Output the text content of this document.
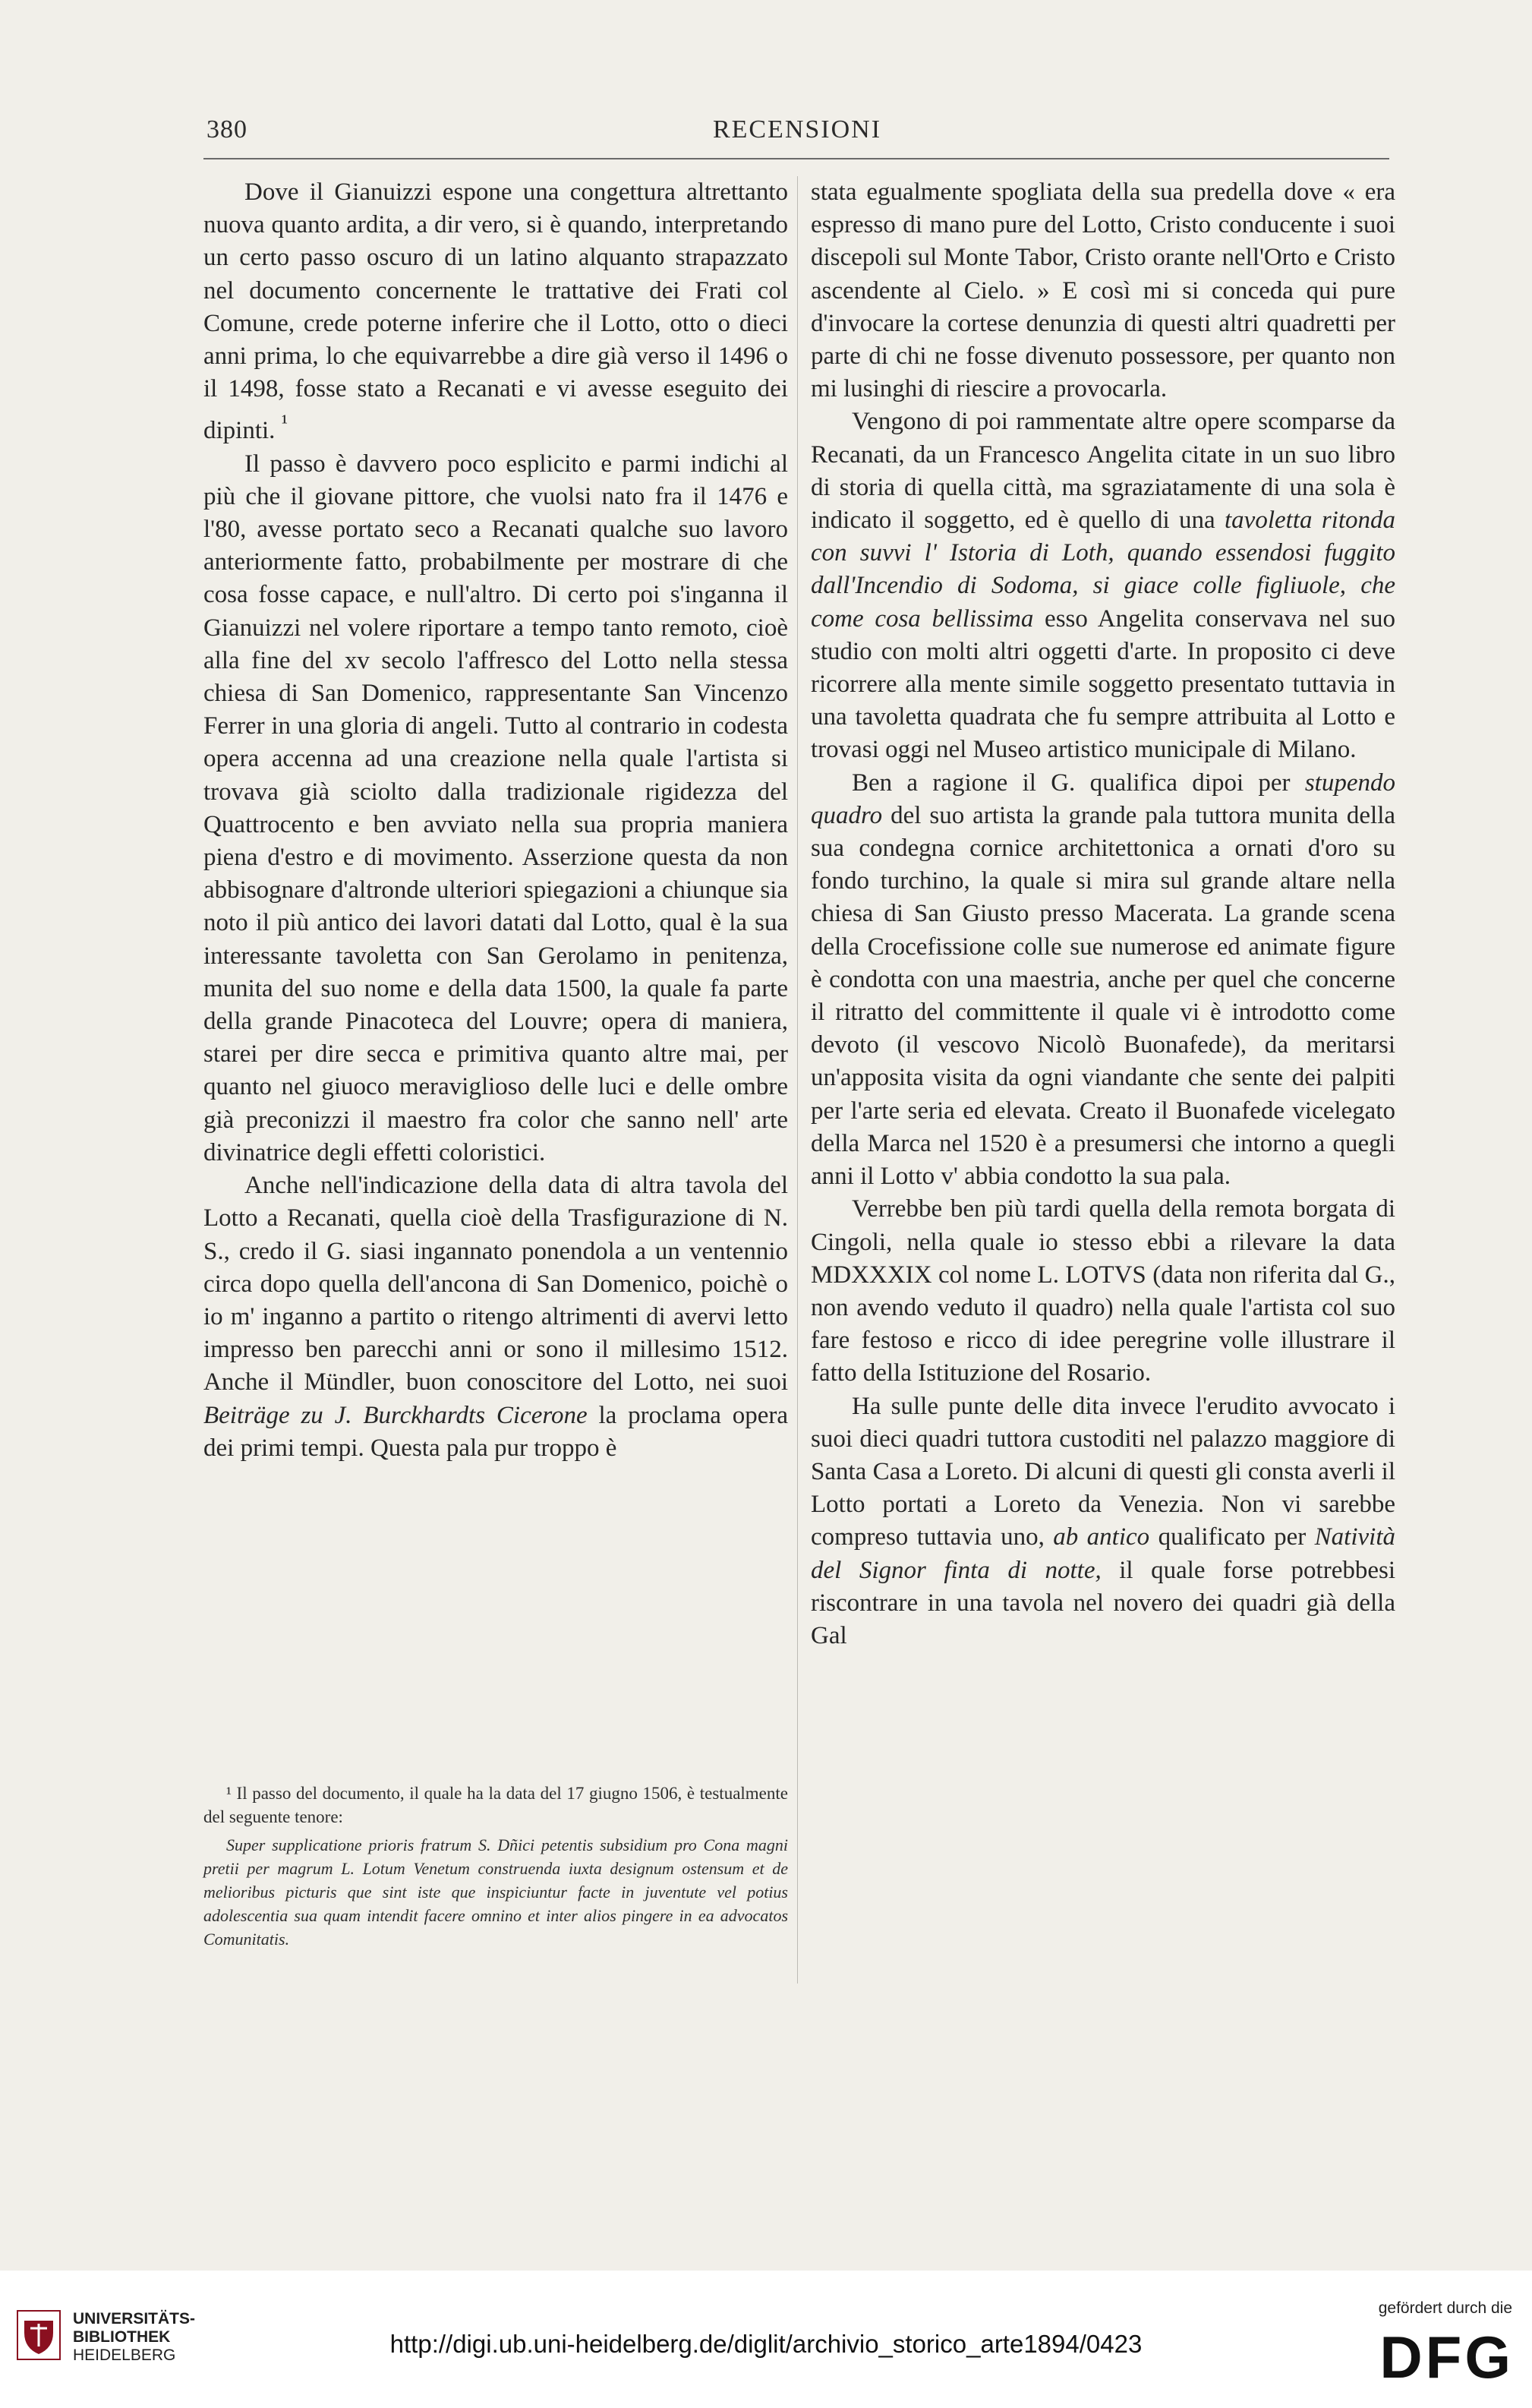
380	RECENSIONI

Dove il Gianuizzi espone una congettura altrettanto nuova quanto ardita, a dir vero, si è quando, interpretando un certo passo oscuro di un latino alquanto strapazzato nel documento concernente le trattative dei Frati col Comune, crede poterne inferire che il Lotto, otto o dieci anni prima, lo che equivarrebbe a dire già verso il 1496 o il 1498, fosse stato a Recanati e vi avesse eseguito dei dipinti. $^{^1}$

Il passo è davvero poco esplicito e parmi indichi al più che il giovane pittore, che vuolsi nato fra il 1476 e l'80, avesse portato seco a Recanati qualche suo lavoro anteriormente fatto, probabilmente per mostrare di che cosa fosse capace, e null'altro. Di certo poi s'inganna il Gianuizzi nel volere riportare a tempo tanto remoto, cioè alla fine del xv secolo l'affresco del Lotto nella stessa chiesa di San Domenico, rappresentante San Vincenzo Ferrer in una gloria di angeli. Tutto al contrario in codesta opera accenna ad una creazione nella quale l'artista si trovava già sciolto dalla tradizionale rigidezza del Quattrocento e ben avviato nella sua propria maniera piena d'estro e di movimento. Asserzione questa da non abbisognare d'altronde ulteriori spiegazioni a chiunque sia noto il più antico dei lavori datati dal Lotto, qual è la sua interessante tavoletta con San Gerolamo in penitenza, munita del suo nome e della data 1500, la quale fa parte della grande Pinacoteca del Louvre; opera di maniera, starei per dire secca e primitiva quanto altre mai, per quanto nel giuoco meraviglioso delle luci e delle ombre già preconizzi il maestro fra color che sanno nell' arte divinatrice degli effetti coloristici.

Anche nell'indicazione della data di altra tavola del Lotto a Recanati, quella cioè della Trasfigurazione di N. S., credo il G. siasi ingannato ponendola a un ventennio circa dopo quella dell'ancona di San Domenico, poichè o io m' inganno a partito o ritengo altrimenti di avervi letto impresso ben parecchi anni or sono il millesimo 1512. Anche il Mündler, buon conoscitore del Lotto, nei suoi Beiträge zu J. Burckhardts Cicerone la proclama opera dei primi tempi. Questa pala pur troppo è

¹ Il passo del documento, il quale ha la data del 17 giugno 1506, è testualmente del seguente tenore:

Super supplicatione prioris fratrum S. Dñici petentis subsidium pro Cona magni pretii per magrum L. Lotum Venetum construenda iuxta designum ostensum et de melioribus picturis que sint iste que inspiciuntur facte in juventute vel potius adolescentia sua quam intendit facere omnino et inter alios pingere in ea advocatos Comunitatis.

stata egualmente spogliata della sua predella dove « era espresso di mano pure del Lotto, Cristo conducente i suoi discepoli sul Monte Tabor, Cristo orante nell'Orto e Cristo ascendente al Cielo. » E così mi si conceda qui pure d'invocare la cortese denunzia di questi altri quadretti per parte di chi ne fosse divenuto possessore, per quanto non mi lusinghi di riescire a provocarla.

Vengono di poi rammentate altre opere scomparse da Recanati, da un Francesco Angelita citate in un suo libro di storia di quella città, ma sgraziatamente di una sola è indicato il soggetto, ed è quello di una tavoletta ritonda con suvvi l' Istoria di Loth, quando essendosi fuggito dall'Incendio di Sodoma, si giace colle figliuole, che come cosa bellissima esso Angelita conservava nel suo studio con molti altri oggetti d'arte. In proposito ci deve ricorrere alla mente simile soggetto presentato tuttavia in una tavoletta quadrata che fu sempre attribuita al Lotto e trovasi oggi nel Museo artistico municipale di Milano.

Ben a ragione il G. qualifica dipoi per stupendo quadro del suo artista la grande pala tuttora munita della sua condegna cornice architettonica a ornati d'oro su fondo turchino, la quale si mira sul grande altare nella chiesa di San Giusto presso Macerata. La grande scena della Crocefissione colle sue numerose ed animate figure è condotta con una maestria, anche per quel che concerne il ritratto del committente il quale vi è introdotto come devoto (il vescovo Nicolò Buonafede), da meritarsi un'apposita visita da ogni viandante che sente dei palpiti per l'arte seria ed elevata. Creato il Buonafede vicelegato della Marca nel 1520 è a presumersi che intorno a quegli anni il Lotto v' abbia condotto la sua pala.

Verrebbe ben più tardi quella della remota borgata di Cingoli, nella quale io stesso ebbi a rilevare la data MDXXXIX col nome L. LOTVS (data non riferita dal G., non avendo veduto il quadro) nella quale l'artista col suo fare festoso e ricco di idee peregrine volle illustrare il fatto della Istituzione del Rosario.

Ha sulle punte delle dita invece l'erudito avvocato i suoi dieci quadri tuttora custoditi nel palazzo maggiore di Santa Casa a Loreto. Di alcuni di questi gli consta averli il Lotto portati a Loreto da Venezia. Non vi sarebbe compreso tuttavia uno, ab antico qualificato per Natività del Signor finta di notte, il quale forse potrebbesi riscontrare in una tavola nel novero dei quadri già della Gal

UNIVERSITÄTS-
BIBLIOTHEK
HEIDELBERG	http://digi.ub.uni-heidelberg.de/diglit/archivio_storico_arte1894/0423
gefördert durch die
DFG
